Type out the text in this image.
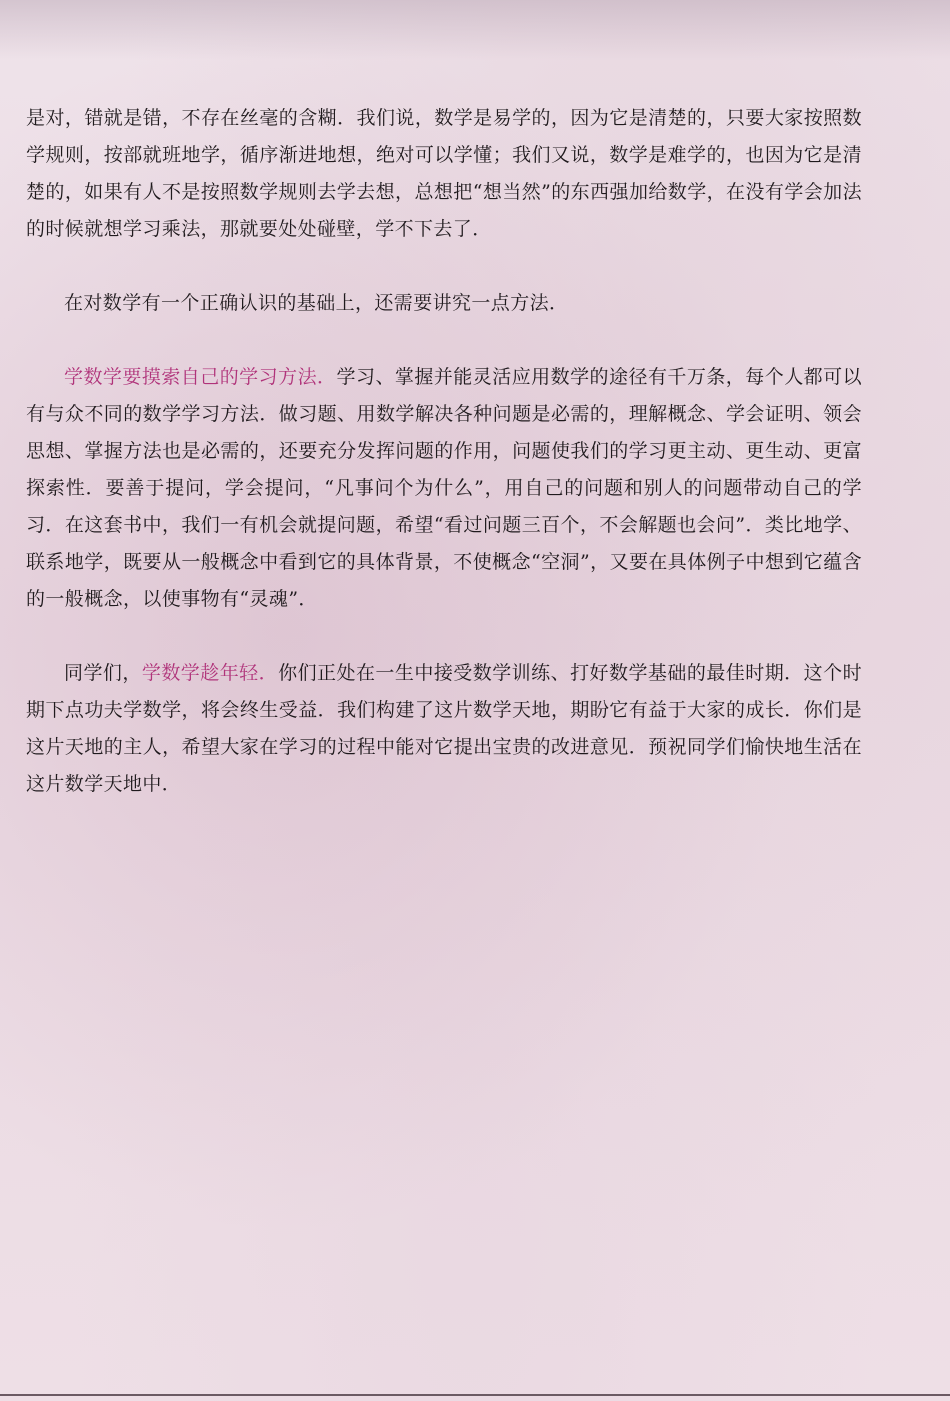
是对，错就是错，不存在丝毫的含糊．我们说，数学是易学的，因为它是清楚的，只要大家按照数学规则，按部就班地学，循序渐进地想，绝对可以学懂；我们又说，数学是难学的，也因为它是清楚的，如果有人不是按照数学规则去学去想，总想把“想当然”的东西强加给数学，在没有学会加法的时候就想学习乘法，那就要处处碰壁，学不下去了．

在对数学有一个正确认识的基础上，还需要讲究一点方法．

学数学要摸索自己的学习方法．学习、掌握并能灵活应用数学的途径有千万条，每个人都可以有与众不同的数学学习方法．做习题、用数学解决各种问题是必需的，理解概念、学会证明、领会思想、掌握方法也是必需的，还要充分发挥问题的作用，问题使我们的学习更主动、更生动、更富探索性．要善于提问，学会提问，“凡事问个为什么”，用自己的问题和别人的问题带动自己的学习．在这套书中，我们一有机会就提问题，希望“看过问题三百个，不会解题也会问”．类比地学、联系地学，既要从一般概念中看到它的具体背景，不使概念“空洞”，又要在具体例子中想到它蕴含的一般概念，以使事物有“灵魂”．

同学们，学数学趁年轻．你们正处在一生中接受数学训练、打好数学基础的最佳时期．这个时期下点功夫学数学，将会终生受益．我们构建了这片数学天地，期盼它有益于大家的成长．你们是这片天地的主人，希望大家在学习的过程中能对它提出宝贵的改进意见．预祝同学们愉快地生活在这片数学天地中．
